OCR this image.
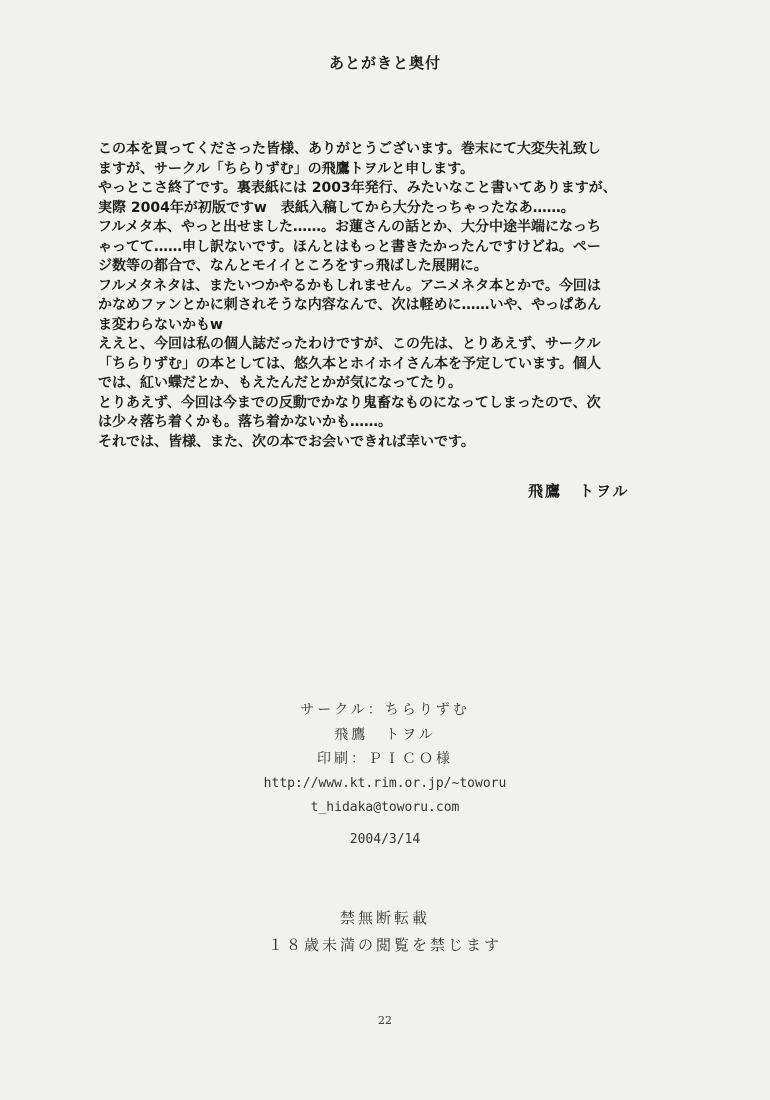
あとがきと奥付
この本を買ってくださった皆様、ありがとうございます。巻末にて大変失礼致し
ますが、サークル「ちらりずむ」の飛鷹トヲルと申します。
やっとこさ終了です。裏表紙には 2003年発行、みたいなこと書いてありますが、
実際 2004年が初版ですw　表紙入稿してから大分たっちゃったなあ……。
フルメタ本、やっと出せました……。お蓮さんの話とか、大分中途半端になっち
ゃってて……申し訳ないです。ほんとはもっと書きたかったんですけどね。ペー
ジ数等の都合で、なんとモイイところをすっ飛ばした展開に。
フルメタネタは、またいつかやるかもしれません。アニメネタ本とかで。今回は
かなめファンとかに刺されそうな内容なんで、次は軽めに……いや、やっぱあん
ま変わらないかもw
ええと、今回は私の個人誌だったわけですが、この先は、とりあえず、サークル
「ちらりずむ」の本としては、悠久本とホイホイさん本を予定しています。個人
では、紅い蝶だとか、もえたんだとかが気になってたり。
とりあえず、今回は今までの反動でかなり鬼畜なものになってしまったので、次
は少々落ち着くかも。落ち着かないかも……。
それでは、皆様、また、次の本でお会いできれば幸いです。
飛鷹　トヲル
サークル：ちらりずむ
飛鷹　トヲル
印刷：ＰＩＣＯ様
http://www.kt.rim.or.jp/~toworu
t_hidaka@toworu.com
2004/3/14
禁無断転載
１８歳未満の閲覧を禁じます
22
